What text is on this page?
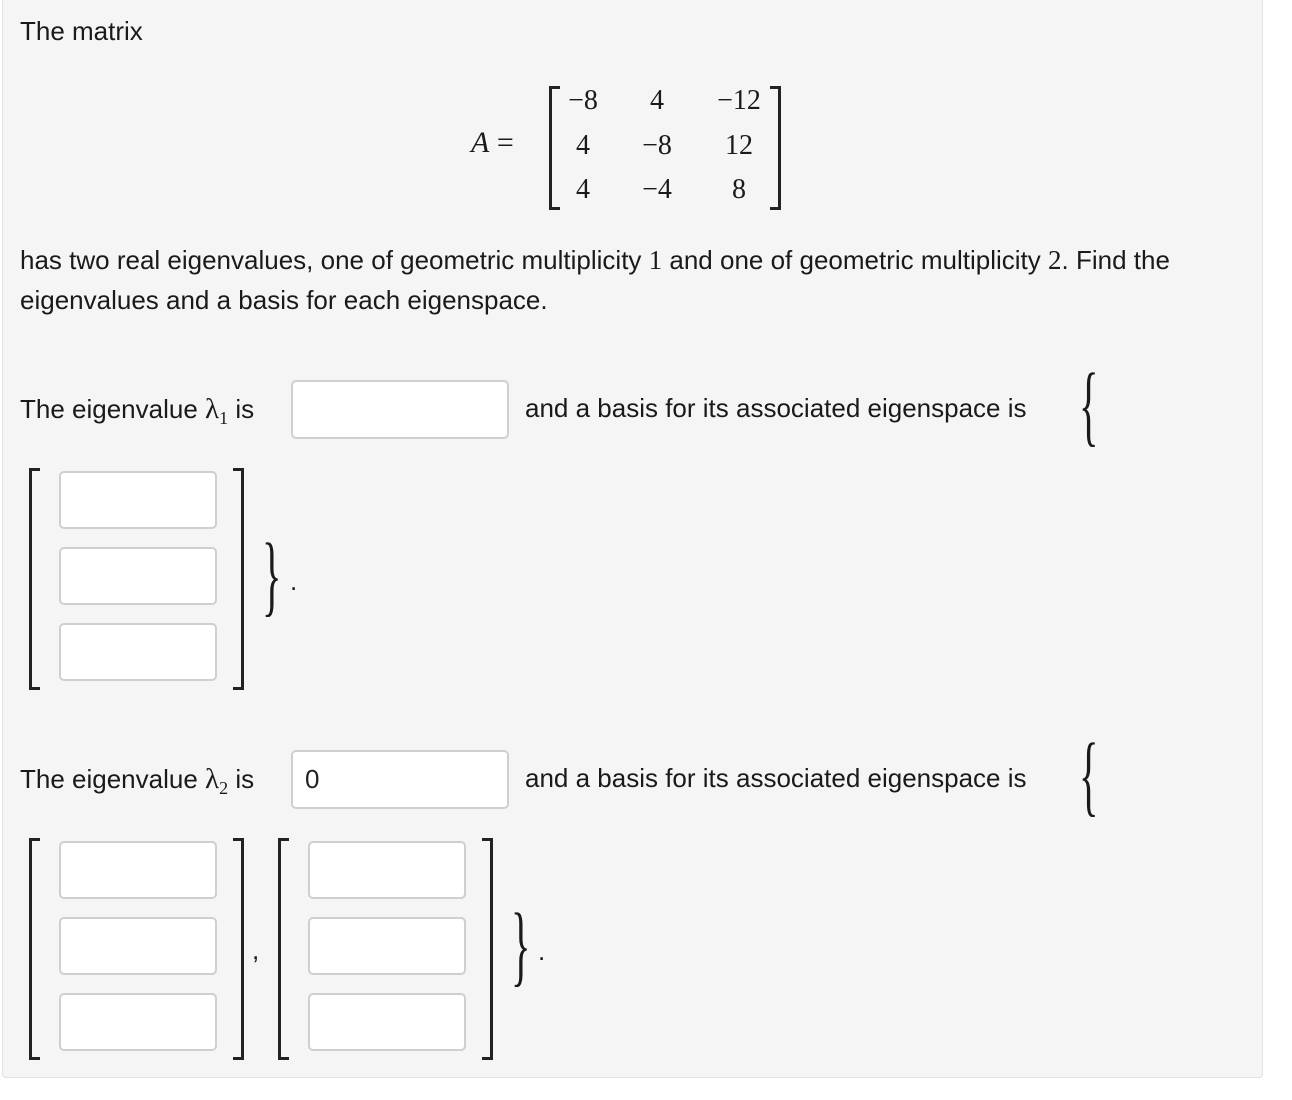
The matrix
A =
−8	4	−12
4	−8	12
4	−4	8
has two real eigenvalues, one of geometric multiplicity 1 and one of geometric multiplicity 2. Find the eigenvalues and a basis for each eigenspace.
The eigenvalue $\lambda_1$ is	and a basis for its associated eigenspace is {
} .
The eigenvalue $\lambda_2$ is	0	and a basis for its associated eigenspace is {
,	} .
